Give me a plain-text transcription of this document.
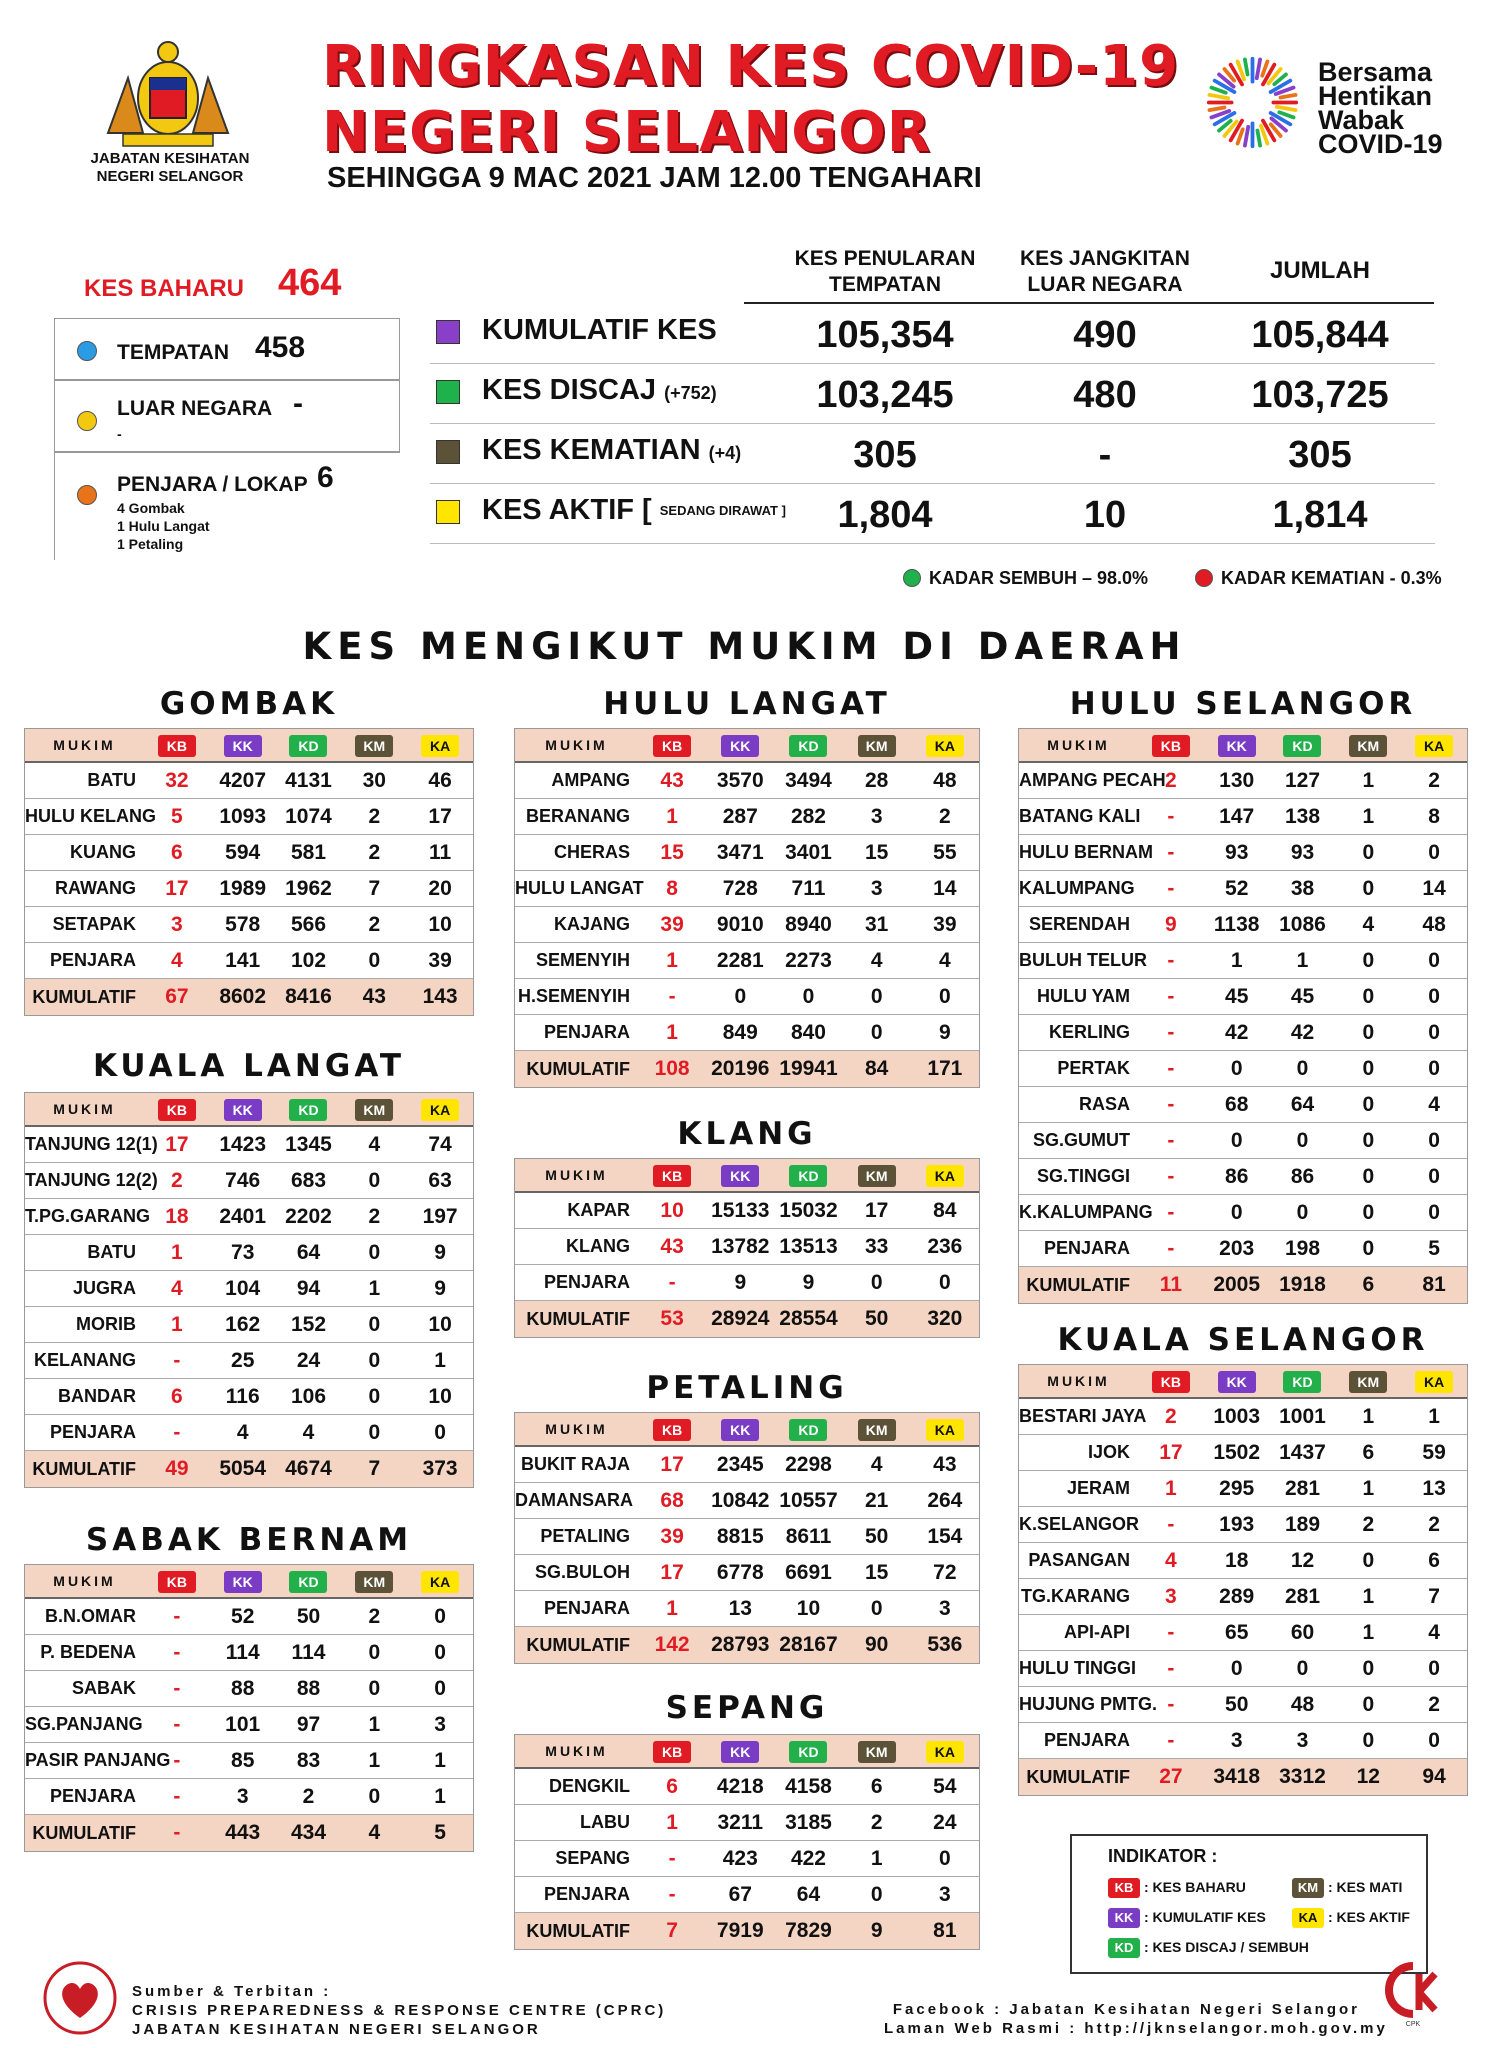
JABATAN KESIHATAN
NEGERI SELANGOR
RINGKASAN KES COVID-19
NEGERI SELANGOR
SEHINGGA 9 MAC 2021 JAM 12.00 TENGAHARI
Bersama
Hentikan
Wabak
COVID-19
KES BAHARU 464
TEMPATAN 458
LUAR NEGARA -
-
PENJARA / LOKAP 6
4 Gombak
1 Hulu Langat
1 Petaling
KES PENULARAN
TEMPATAN
KES JANGKITAN
LUAR NEGARA
JUMLAH
KUMULATIF KES	105,354	490	105,844
KES DISCAJ (+752)	103,245	480	103,725
KES KEMATIAN (+4)	305	-	305
KES AKTIF [ SEDANG DIRAWAT ]	1,804	10	1,814
KADAR SEMBUH – 98.0%	KADAR KEMATIAN - 0.3%
KES MENGIKUT MUKIM DI DAERAH
GOMBAK
MUKIM	KB	KK	KD	KM	KA
BATU	32	4207 4131	30	46
HULU KELANG 5	1093 1074	2	17
KUANG	6	594	581	2	11
RAWANG	17	1989 1962	7	20
SETAPAK	3	578	566	2	10
PENJARA	4	141	102	0	39
KUMULATIF	67	8602 8416	43	143
KUALA LANGAT
MUKIM	KB	KK	KD	KM	KA
TANJUNG 12(1) 17	1423 1345	4	74
TANJUNG 12(2) 2	746	683	0	63
T.PG.GARANG 18	2401 2202	2	197
BATU	1	73	64	0	9
JUGRA	4	104	94	1	9
MORIB	1	162	152	0	10
KELANANG	-	25	24	0	1
BANDAR	6	116	106	0	10
PENJARA	-	4	4	0	0
KUMULATIF	49	5054 4674	7	373
SABAK BERNAM
MUKIM	KB	KK	KD	KM	KA
B.N.OMAR	-	52	50	2	0
P. BEDENA	-	114	114	0	0
SABAK	-	88	88	0	0
SG.PANJANG	-	101	97	1	3
PASIR PANJANG -	85	83	1	1
PENJARA	-	3	2	0	1
KUMULATIF	-	443	434	4	5
HULU LANGAT
MUKIM	KB	KK	KD	KM	KA
AMPANG	43	3570	3494	28	48
BERANANG	1	287	282	3	2
CHERAS	15	3471	3401	15	55
HULU LANGAT	8	728	711	3	14
KAJANG	39	9010	8940	31	39
SEMENYIH	1	2281	2273	4	4
H.SEMENYIH	-	0	0	0	0
PENJARA	1	849	840	0	9
KUMULATIF	108	20196 19941	84	171
KLANG
MUKIM	KB	KK	KD	KM	KA
KAPAR	10	15133 15032	17	84
KLANG	43	13782 13513	33	236
PENJARA	-	9	9	0	0
KUMULATIF	53	28924 28554	50	320
PETALING
MUKIM	KB	KK	KD	KM	KA
BUKIT RAJA	17	2345	2298	4	43
DAMANSARA	68	10842 10557	21	264
PETALING	39	8815	8611	50	154
SG.BULOH	17	6778	6691	15	72
PENJARA	1	13	10	0	3
KUMULATIF	142	28793 28167	90	536
SEPANG
MUKIM	KB	KK	KD	KM	KA
DENGKIL	6	4218	4158	6	54
LABU	1	3211	3185	2	24
SEPANG	-	423	422	1	0
PENJARA	-	67	64	0	3
KUMULATIF	7	7919	7829	9	81
HULU SELANGOR
MUKIM	KB	KK	KD	KM	KA
AMPANG PECAH 2	130	127	1	2
BATANG KALI	-	147	138	1	8
HULU BERNAM -	93	93	0	0
KALUMPANG	-	52	38	0	14
SERENDAH	9	1138 1086	4	48
BULUH TELUR -	1	1	0	0
HULU YAM	-	45	45	0	0
KERLING	-	42	42	0	0
PERTAK	-	0	0	0	0
RASA	-	68	64	0	4
SG.GUMUT	-	0	0	0	0
SG.TINGGI	-	86	86	0	0
K.KALUMPANG -	0	0	0	0
PENJARA	-	203	198	0	5
KUMULATIF	11	2005 1918	6	81
KUALA SELANGOR
MUKIM	KB	KK	KD	KM	KA
BESTARI JAYA 2	1003 1001	1	1
IJOK	17	1502 1437	6	59
JERAM	1	295	281	1	13
K.SELANGOR	-	193	189	2	2
PASANGAN	4	18	12	0	6
TG.KARANG	3	289	281	1	7
API-API	-	65	60	1	4
HULU TINGGI	-	0	0	0	0
HUJUNG PMTG. -	50	48	0	2
PENJARA	-	3	3	0	0
KUMULATIF	27	3418 3312	12	94
INDIKATOR :
KB : KES BAHARU	KM : KES MATI
KK : KUMULATIF KES	KA : KES AKTIF
KD : KES DISCAJ / SEMBUH
Sumber & Terbitan :
CRISIS PREPAREDNESS & RESPONSE CENTRE (CPRC)
JABATAN KESIHATAN NEGERI SELANGOR
Facebook : Jabatan Kesihatan Negeri Selangor
Laman Web Rasmi : http://jknselangor.moh.gov.my	CPK
